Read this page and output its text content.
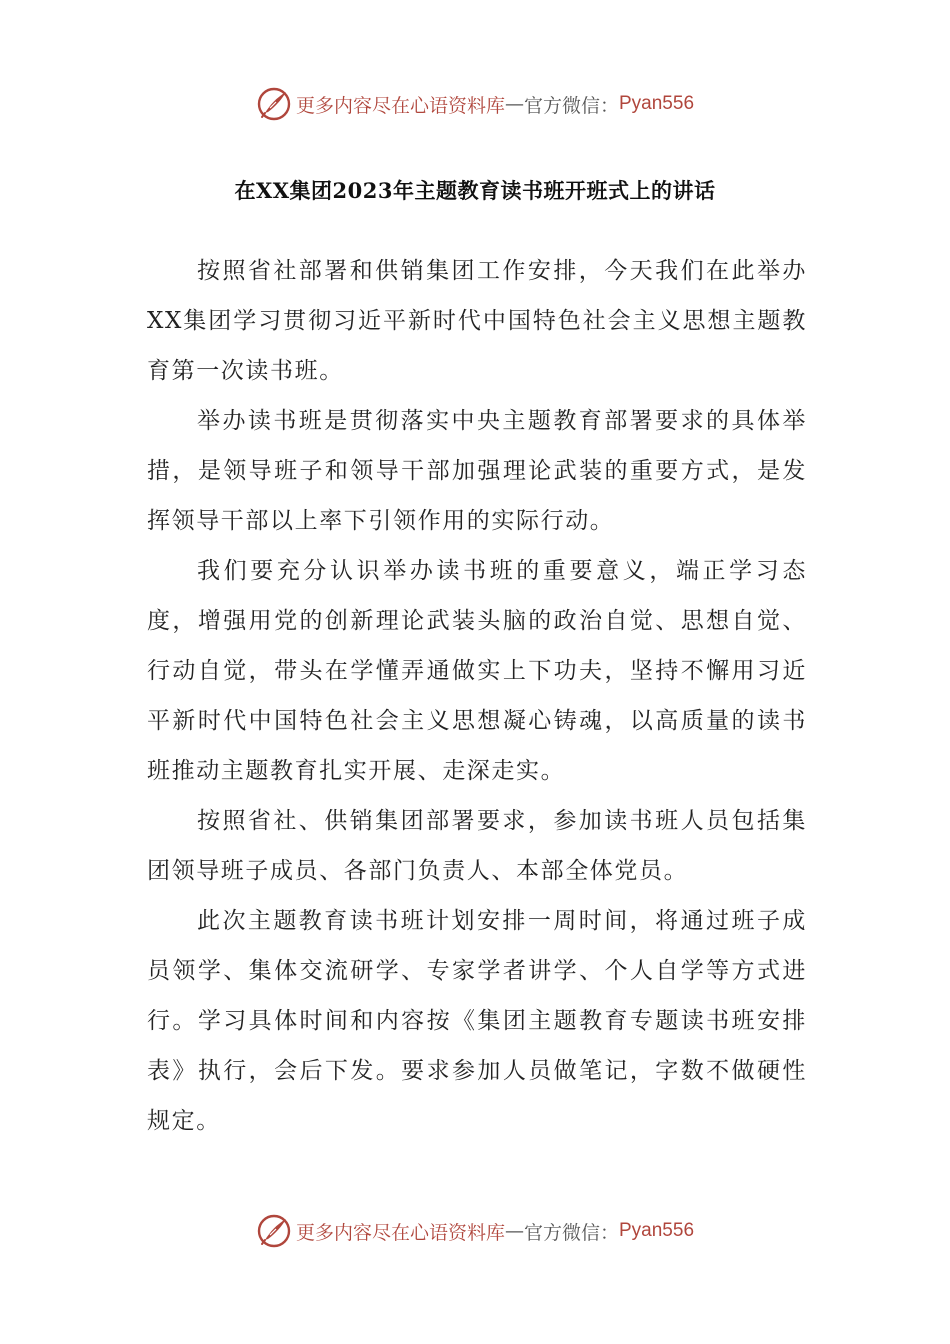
更多内容尽在心语资料库 — 官方微信： Pyan556
在XX集团2023年主题教育读书班开班式上的讲话

按照省社部署和供销集团工作安排，今天我们在此举办XX集团学习贯彻习近平新时代中国特色社会主义思想主题教育第一次读书班。

举办读书班是贯彻落实中央主题教育部署要求的具体举措，是领导班子和领导干部加强理论武装的重要方式，是发挥领导干部以上率下引领作用的实际行动。

我们要充分认识举办读书班的重要意义，端正学习态度，增强用党的创新理论武装头脑的政治自觉、思想自觉、行动自觉，带头在学懂弄通做实上下功夫，坚持不懈用习近平新时代中国特色社会主义思想凝心铸魂，以高质量的读书班推动主题教育扎实开展、走深走实。

按照省社、供销集团部署要求，参加读书班人员包括集团领导班子成员、各部门负责人、本部全体党员。

此次主题教育读书班计划安排一周时间，将通过班子成员领学、集体交流研学、专家学者讲学、个人自学等方式进行。学习具体时间和内容按《集团主题教育专题读书班安排表》执行，会后下发。要求参加人员做笔记，字数不做硬性规定。

更多内容尽在心语资料库 — 官方微信： Pyan556
